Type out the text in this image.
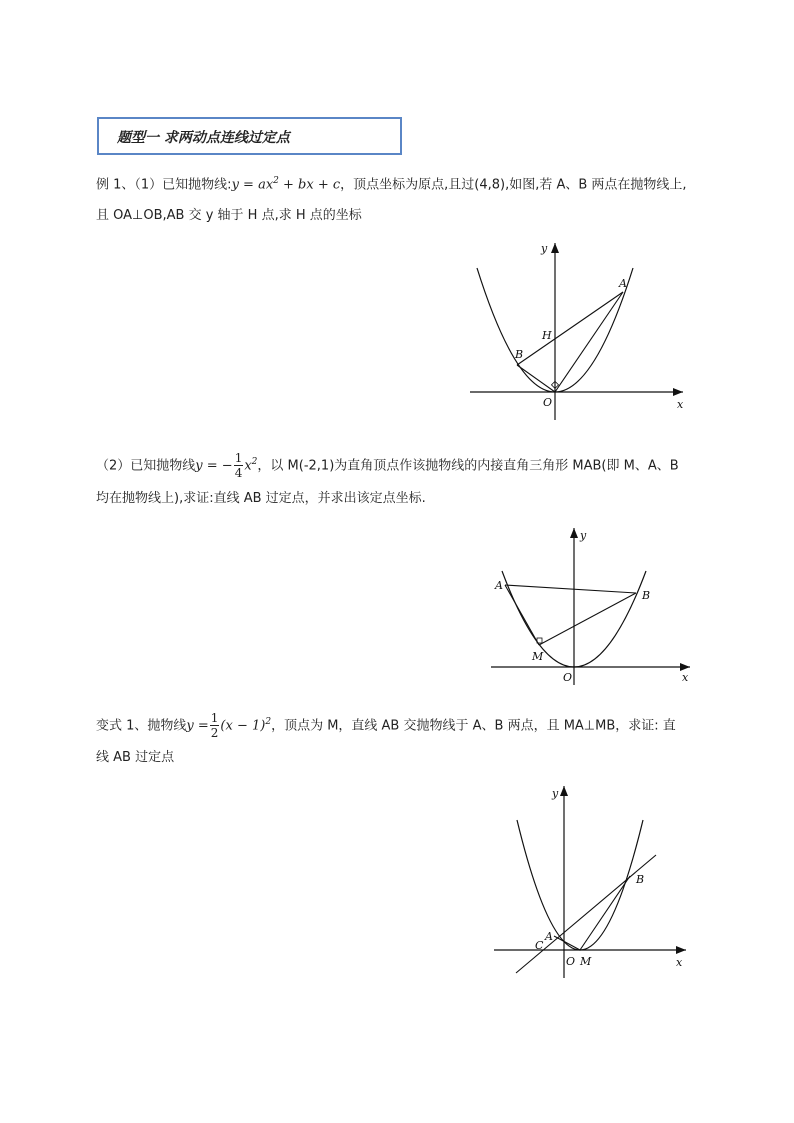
题型一 求两动点连线过定点
例 1、（1）已知抛物线:y = $ax^2$ + bx + c，顶点坐标为原点,且过(4,8),如图,若 A、B 两点在抛物线上,
且 OA⊥OB,AB 交 y 轴于 H 点,求 H 点的坐标
y
x
O
A
B
H
（2）已知抛物线y = − $\frac{1}{4} x^2$，以 M(-2,1)为直角顶点作该抛物线的内接直角三角形 MAB(即 M、A、B
均在抛物线上),求证:直线 AB 过定点，并求出该定点坐标.
y
x
O
A
B
M
变式 1、抛物线$y = \frac{1}{2} (x - 1)^2$，顶点为 M，直线 AB 交抛物线于 A、B 两点，且 MA⊥MB，求证: 直
线 AB 过定点
y
x
O M
A
B
C
